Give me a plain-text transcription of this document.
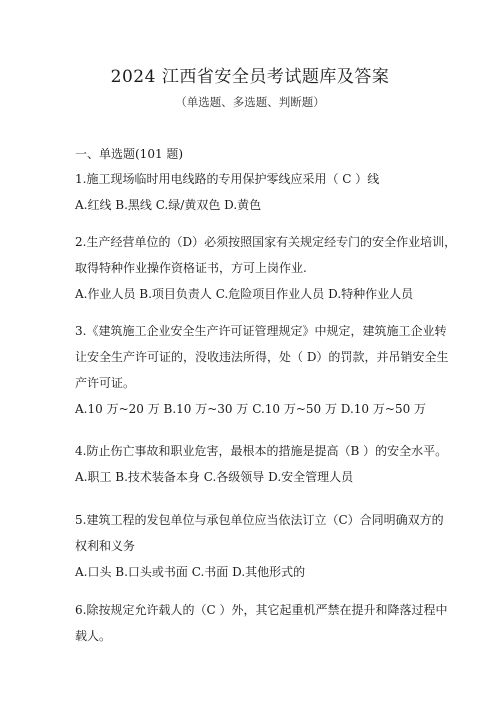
2024 江西省安全员考试题库及答案
（单选题、多选题、判断题）
一、单选题(101 题)
1.施工现场临时用电线路的专用保护零线应采用（ C ）线
A.红线 B.黑线 C.绿/黄双色 D.黄色
2.生产经营单位的（D）必须按照国家有关规定经专门的安全作业培训，
取得特种作业操作资格证书，方可上岗作业.
A.作业人员 B.项目负责人 C.危险项目作业人员 D.特种作业人员
3.《建筑施工企业安全生产许可证管理规定》中规定，建筑施工企业转
让安全生产许可证的，没收违法所得，处（ D）的罚款，并吊销安全生
产许可证。
A.10 万~20 万 B.10 万~30 万 C.10 万~50 万 D.10 万~50 万
4.防止伤亡事故和职业危害，最根本的措施是提高（B ）的安全水平。
A.职工 B.技术装备本身 C.各级领导 D.安全管理人员
5.建筑工程的发包单位与承包单位应当依法订立（C）合同明确双方的
权利和义务
A.口头 B.口头或书面 C.书面 D.其他形式的
6.除按规定允许载人的（C ）外，其它起重机严禁在提升和降落过程中
载人。
